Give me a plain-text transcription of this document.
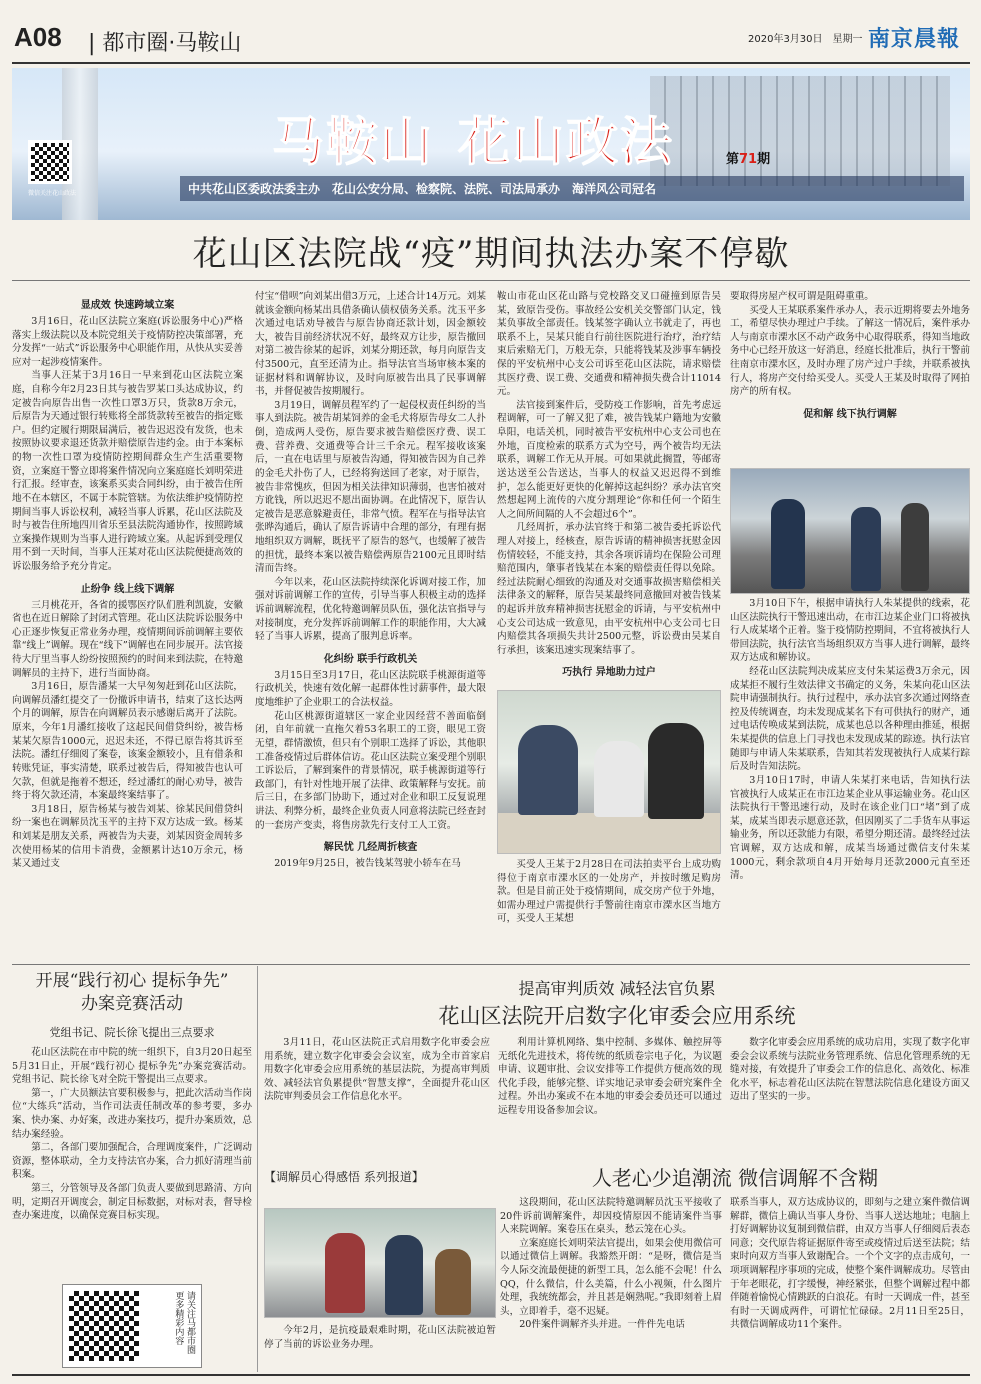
A08 | 都市圈·马鞍山	2020年3月30日　星期一 南京晨報
微信关注花山政法
马鞍山 花山政法	第71期
中共花山区委政法委主办　花山公安分局、检察院、法院、司法局承办　海洋风公司冠名
花山区法院战“疫”期间执法办案不停歇
显成效 快速跨域立案

3月16日，花山区法院立案庭(诉讼服务中心)严格落实上级法院以及本院党组关于疫情防控决策部署，充分发挥“一站式”诉讼服务中心职能作用，从快从实妥善应对一起涉疫情案件。

当事人汪某于3月16日一早来到花山区法院立案庭，自称今年2月23日其与被告罗某口头达成协议，约定被告向原告出售一次性口罩3万只，货款8万余元，后原告为天通过银行转账将全部货款转至被告的指定账户。但约定履行期限届满后，被告迟迟没有发货，也未按照协议要求退还货款并赔偿原告违约金。由于本案标的物一次性口罩为疫情防控期间群众生产生活重要物资，立案庭干警立即将案件情况向立案庭庭长刘明荣进行汇报。经审查，该案系买卖合同纠纷，由于被告住所地不在本辖区，不属于本院管辖。为依法维护疫情防控期间当事人诉讼权利，减轻当事人诉累，花山区法院及时与被告住所地四川省乐至县法院沟通协作，按照跨域立案操作规则为当事人进行跨域立案。从起诉到受理仅用不到一天时间，当事人汪某对花山区法院便捷高效的诉讼服务给予充分肯定。

止纷争 线上线下调解

三月桃花开，各省的援鄂医疗队们胜利凯旋，安徽省也在近日解除了封闭式管理。花山区法院诉讼服务中心正逐步恢复正常业务办理，疫情期间诉前调解主要依靠“线上”调解。现在“线下”调解也在同步展开。法官接待大厅里当事人纷纷按照预约的时间来到法院，在特邀调解员的主持下，进行当面协商。

3月16日，原告潘某一大早匆匆赶到花山区法院，向调解员潘红提交了一份撤诉申请书，结束了这长达两个月的调解，原告在向调解员表示感谢后离开了法院。原来，今年1月潘红接收了这起民间借贷纠纷，被告杨某某欠原告1000元，迟迟未还，不得已原告将其诉至法院。潘红仔细阅了案卷，该案金额较小，且有借条和转账凭证，事实清楚，联系过被告后，得知被告也认可欠款，但就是拖着不想还，经过潘红的耐心劝导，被告终于将欠款还清，本案最终案结事了。

3月18日，原告杨某与被告刘某、徐某民间借贷纠纷一案也在调解员沈玉平的主持下双方达成一致。杨某和刘某是朋友关系，两被告为夫妻，刘某因资金周转多次使用杨某的信用卡消费，金额累计达10万余元，杨某又通过支

付宝“借呗”向刘某出借3万元，上述合计14万元。刘某就该金额向杨某出具借条确认债权债务关系。沈玉平多次通过电话劝导被告与原告协商还款计划，因金额较大，被告目前经济状况不好，最终双方让步，原告撤回对第二被告徐某的起诉，刘某分期还款，每月向原告支付3500元，直至还清为止。指导法官当场审核本案的证据材料和调解协议，及时向原被告出具了民事调解书，并督促被告按期履行。

3月19日，调解员程军约了一起侵权责任纠纷的当事人到法院。被告胡某饲养的金毛犬将原告母女二人扑倒，造成两人受伤，原告要求被告赔偿医疗费、误工费、营养费、交通费等合计三千余元。程军接收该案后，一直在电话里与原被告沟通，得知被告因为自己养的金毛犬扑伤了人，已经将狗送回了老家，对于原告，被告非常愧疚，但因为相关法律知识薄弱，也害怕被对方讹钱，所以迟迟不愿出面协调。在此情况下，原告认定被告是恶意躲避责任，非常气愤。程军在与指导法官张晔沟通后，确认了原告诉请中合理的部分，有理有据地组织双方调解，既抚平了原告的怒气，也缓解了被告的担忧，最终本案以被告赔偿两原告2100元且即时结清而告终。

今年以来，花山区法院持续深化诉调对接工作，加强对诉前调解工作的宣传，引导当事人积极主动的选择诉前调解流程，优化特邀调解员队伍，强化法官指导与对接制度，充分发挥诉前调解工作的职能作用，大大减轻了当事人诉累，提高了服判息诉率。

化纠纷 联手行政机关

3月15日至3月17日，花山区法院联手桃源街道等行政机关，快速有效化解一起群体性讨薪事件，最大限度地维护了企业职工的合法权益。

花山区桃源街道辖区一家企业因经营不善面临倒闭，自年前就一直拖欠着53名职工的工资，眼见工资无望，群情激愤，但只有个别职工选择了诉讼，其他职工准备疫情过后群体信访。花山区法院立案受理个别职工诉讼后，了解到案件的背景情况，联手桃源街道等行政部门，有针对性地开展了法律、政策解释与安抚。前后三日，在多部门协助下，通过对企业和职工反复说理讲法、利弊分析，最终企业负责人同意将法院已经查封的一套房产变卖，将售房款先行支付工人工资。

解民忧 几经周折核查

2019年9月25日，被告钱某驾驶小轿车在马

鞍山市花山区花山路与党校路交叉口碰撞到原告吴某，致原告受伤。事故经公安机关交警部门认定，钱某负事故全部责任。钱某签字确认立书就走了，再也联系不上，吴某只能自行前往医院进行治疗，治疗结束后索赔无门，万般无奈，只能将钱某及涉事车辆投保的平安杭州中心支公司诉至花山区法院，请求赔偿其医疗费、误工费、交通费和精神损失费合计11014元。

法官接到案件后，受防疫工作影响，首先考虑远程调解，可一了解又犯了难，被告钱某户籍地为安徽阜阳，电话关机，同时被告平安杭州中心支公司也在外地，百度检索的联系方式为空号，两个被告均无法联系，调解工作无从开展。可如果就此搁置，等邮寄送达送至公告送达，当事人的权益又迟迟得不到维护，怎么能更好更快的化解掉这起纠纷？承办法官突然想起网上流传的六度分割理论“你和任何一个陌生人之间所间隔的人不会超过6个”。

几经周折，承办法官终于和第二被告委托诉讼代理人对接上，经核查，原告诉请的精神损害抚慰金因伤情较轻，不能支持，其余各项诉请均在保险公司理赔范围内，肇事者钱某在本案的赔偿责任得以免除。经过法院耐心细致的沟通及对交通事故损害赔偿相关法律条文的解释，原告吴某最终同意撤回对被告钱某的起诉并放弃精神损害抚慰金的诉请，与平安杭州中心支公司达成一致意见，由平安杭州中心支公司七日内赔偿其各项损失共计2500元整，诉讼费由吴某自行承担，该案迅速实现案结事了。

巧执行 异地助力过户

买受人王某于2月28日在司法拍卖平台上成功购得位于南京市溧水区的一处房产，并按时缴足购房款。但是目前正处于疫情期间，成交房产位于外地，如需办理过户需提供行手警前往南京市溧水区当地方可，买受人王某想

要取得房屋产权可谓是阻碍重重。

买受人王某联系案件承办人，表示近期将要去外地务工，希望尽快办理过户手续。了解这一情况后，案件承办人与南京市溧水区不动产政务中心取得联系，得知当地政务中心已经开放这一好消息，经庭长批准后，执行干警前往南京市溧水区，及时办理了房产过户手续，并联系被执行人，将房产交付给买受人。买受人王某及时取得了网拍房产的所有权。

促和解 线下执行调解

3月10日下午，根据申请执行人朱某提供的线索，花山区法院执行干警迅速出动，在市江边某企业门口将被执行人成某堵个正着。鉴于疫情防控期间，不宜将被执行人带回法院，执行法官当场组织双方当事人进行调解，最终双方达成和解协议。

经花山区法院判决成某应支付朱某运费3万余元，因成某拒不履行生效法律文书确定的义务，朱某向花山区法院申请强制执行。执行过程中，承办法官多次通过网络查控及传统调查，均未发现成某名下有可供执行的财产，通过电话传唤成某到法院，成某也总以各种理由推延，根据朱某提供的信息上门寻找也未发现成某的踪迹。执行法官随即与申请人朱某联系，告知其若发现被执行人成某行踪后及时告知法院。

3月10日17时，申请人朱某打来电话，告知执行法官被执行人成某正在市江边某企业从事运输业务。花山区法院执行干警迅速行动，及时在该企业门口“堵”到了成某，成某当即表示愿意还款，但因刚买了二手货车从事运输业务，所以还款能力有限，希望分期还清。最终经过法官调解，双方达成和解，成某当场通过微信支付朱某1000元，剩余款项自4月开始每月还款2000元直至还清。

开展“践行初心 提标争先”
办案竞赛活动
党组书记、院长徐飞提出三点要求

花山区法院在市中院的统一组织下，自3月20日起至5月31日止，开展“践行初心 提标争先”办案竞赛活动。党组书记、院长徐飞对全院干警提出三点要求。

第一，广大员额法官要积极参与，把此次活动当作岗位“大练兵”活动，当作司法责任制改革的参考要，多办案、快办案、办好案，改进办案技巧，提升办案质效，总结办案经验。

第二，各部门要加强配合，合理调度案件，广泛调动资源，整体联动，全力支持法官办案，合力抓好清理当前积案。

第三，分管领导及各部门负责人要做到思路清、方向明，定期召开调度会，制定目标数据，对标对表，督导检查办案进度，以确保竞赛目标实现。

请关注马都市圈 更多精彩内容
提高审判质效 减轻法官负累
花山区法院开启数字化审委会应用系统

3月11日，花山区法院正式启用数字化审委会应用系统，建立数字化审委会会议室，成为全市首家启用数字化审委会应用系统的基层法院，为提高审判质效、减轻法官负累提供“智慧支撑”，全面提升花山区法院审判委员会工作信息化水平。

利用计算机网络、集中控制、多媒体、触控屏等无纸化先进技术，将传统的纸质卷宗电子化，为议题申请、议题审批、会议安排等工作提供方便高效的现代化手段，能够完整、详实地记录审委会研究案件全过程。外出办案或不在本地的审委会委员还可以通过远程专用设备参加会议。

数字化审委会应用系统的成功启用，实现了数字化审委会会议系统与法院业务管理系统、信息化管理系统的无缝对接，有效提升了审委会工作的信息化、高效化、标准化水平，标志着花山区法院在智慧法院信息化建设方面又迈出了坚实的一步。

【调解员心得感悟 系列报道】	人老心少追潮流 微信调解不含糊

今年2月，是抗疫最艰难时期，花山区法院被迫暂停了当前的诉讼业务办理。

这段期间，花山区法院特邀调解员沈玉平接收了20件诉前调解案件，却因疫情原因不能请案件当事人来院调解。案卷压在桌头，愁云笼在心头。

立案庭庭长刘明荣法官提出，如果会使用微信可以通过微信上调解。我豁然开朗：“是呀，微信是当今人际交流最便捷的新型工具，怎么能不会呢！什么QQ，什么微信，什么美篇，什么小视频，什么图片处理，我统统都会，并且甚是娴熟呢。”我即刻着上眉头，立即着手，毫不迟疑。

20件案件调解齐头并进。一件件先电话

联系当事人，双方达成协议的，即刻与之建立案件微信调解群，微信上确认当事人身份、当事人送达地址；电脑上打好调解协议复制到微信群，由双方当事人仔细阅后表态同意；交代原告将证据原件寄至或疫情过后送至法院；结束时向双方当事人致谢配合。一个个文字的点击成句，一项项调解程序事项的完成，使整个案件调解成功。尽管由于年老眼花，打字缓慢，神经紧张，但整个调解过程中都伴随着愉悦心情跳跃的白浪花。有时一天调成一件，甚至有时一天调成两件，可谓忙忙碌碌。2月11日至25日，共微信调解成功11个案件。
